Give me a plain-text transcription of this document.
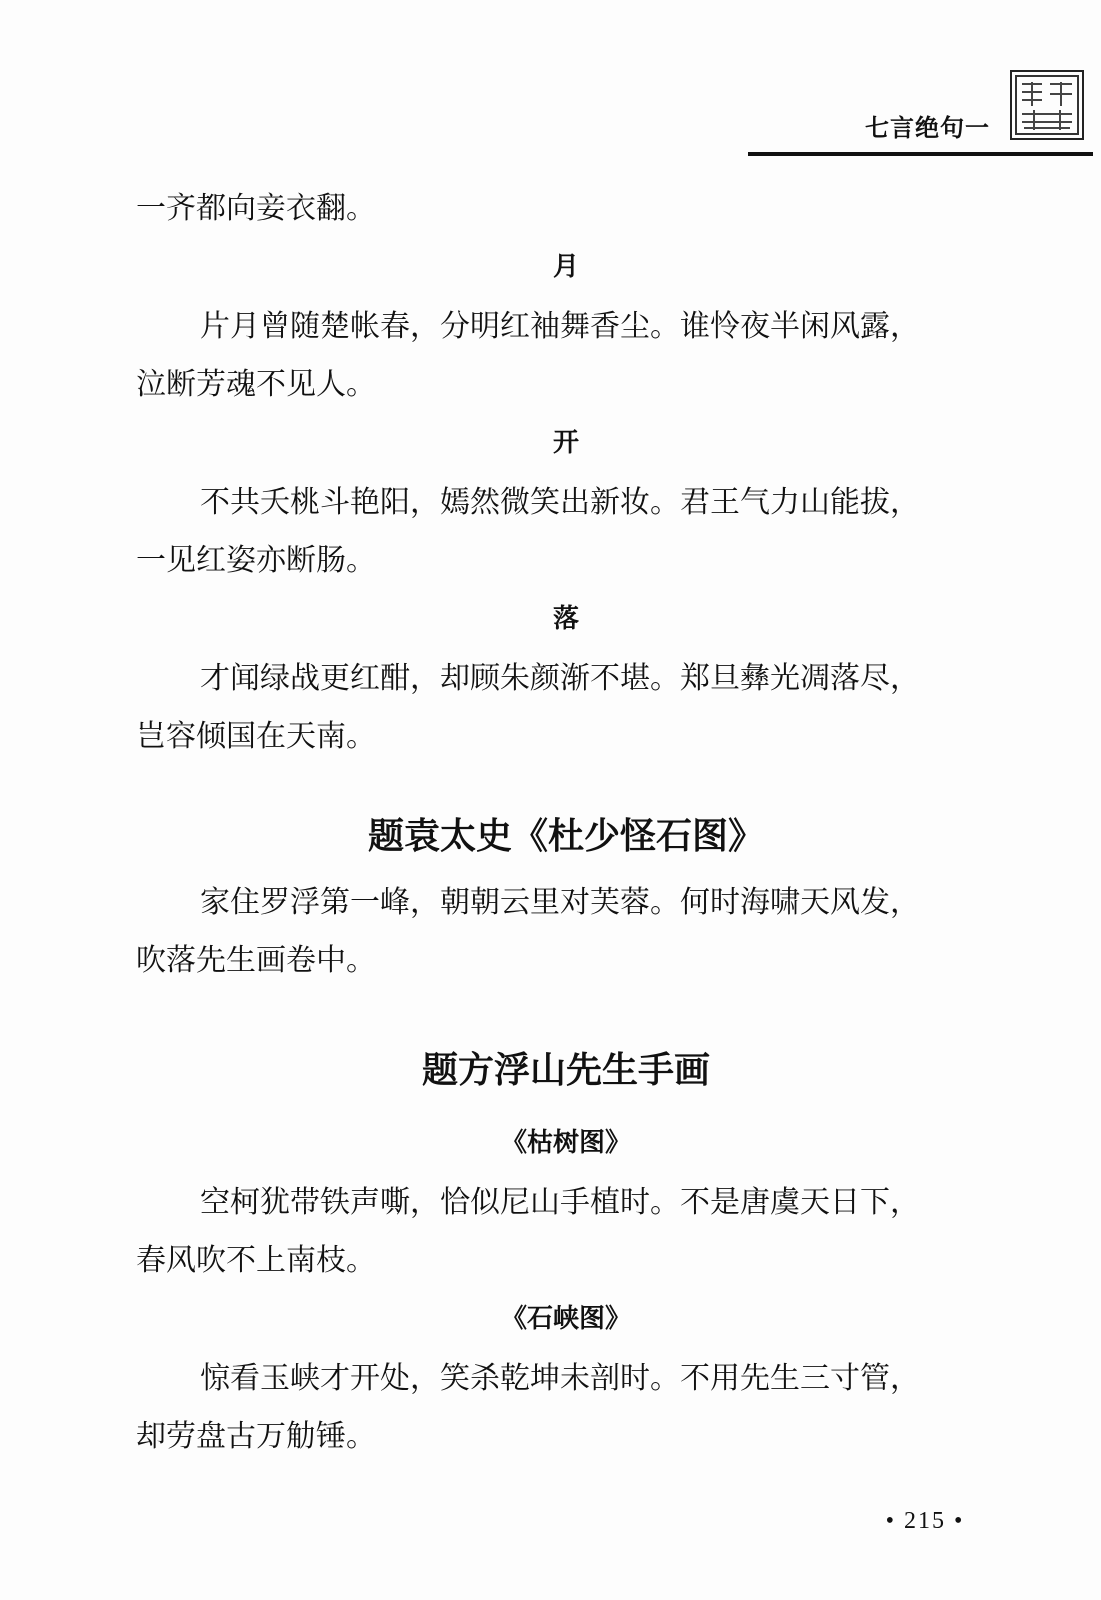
七言绝句一

一齐都向妾衣翻。

月

片月曾随楚帐春，分明红袖舞香尘。谁怜夜半闲风露，

泣断芳魂不见人。

开

不共夭桃斗艳阳，嫣然微笑出新妆。君王气力山能拔，

一见红姿亦断肠。

落

才闻绿战更红酣，却顾朱颜渐不堪。郑旦彝光凋落尽，

岂容倾国在天南。

题袁太史《杜少怪石图》

家住罗浮第一峰，朝朝云里对芙蓉。何时海啸天风发，

吹落先生画卷中。

题方浮山先生手画
《枯树图》

空柯犹带铁声嘶，恰似尼山手植时。不是唐虞天日下，

春风吹不上南枝。

《石峡图》

惊看玉峡才开处，笑杀乾坤未剖时。不用先生三寸管，

却劳盘古万觔锤。

• 215 •
